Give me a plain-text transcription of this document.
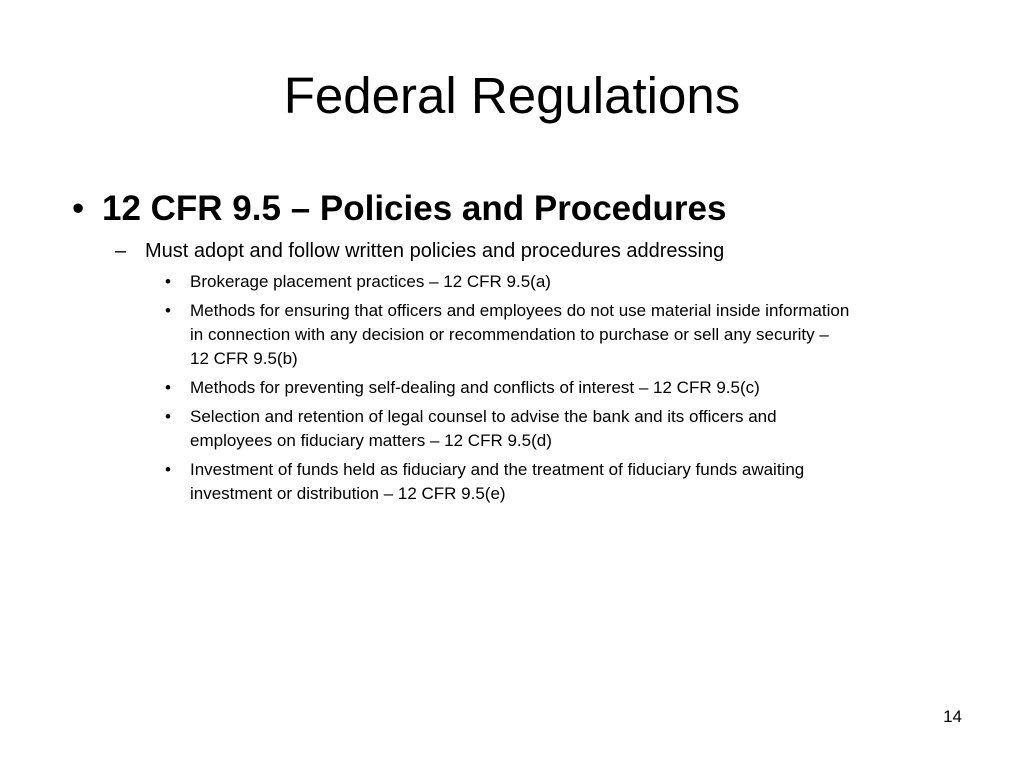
Federal Regulations
• 12 CFR 9.5 – Policies and Procedures
– Must adopt and follow written policies and procedures addressing
• Brokerage placement practices – 12 CFR 9.5(a)
• Methods for ensuring that officers and employees do not use material inside information
in connection with any decision or recommendation to purchase or sell any security –
12 CFR 9.5(b)
• Methods for preventing self-dealing and conflicts of interest – 12 CFR 9.5(c)
• Selection and retention of legal counsel to advise the bank and its officers and
employees on fiduciary matters – 12 CFR 9.5(d)
• Investment of funds held as fiduciary and the treatment of fiduciary funds awaiting
investment or distribution – 12 CFR 9.5(e)
14
